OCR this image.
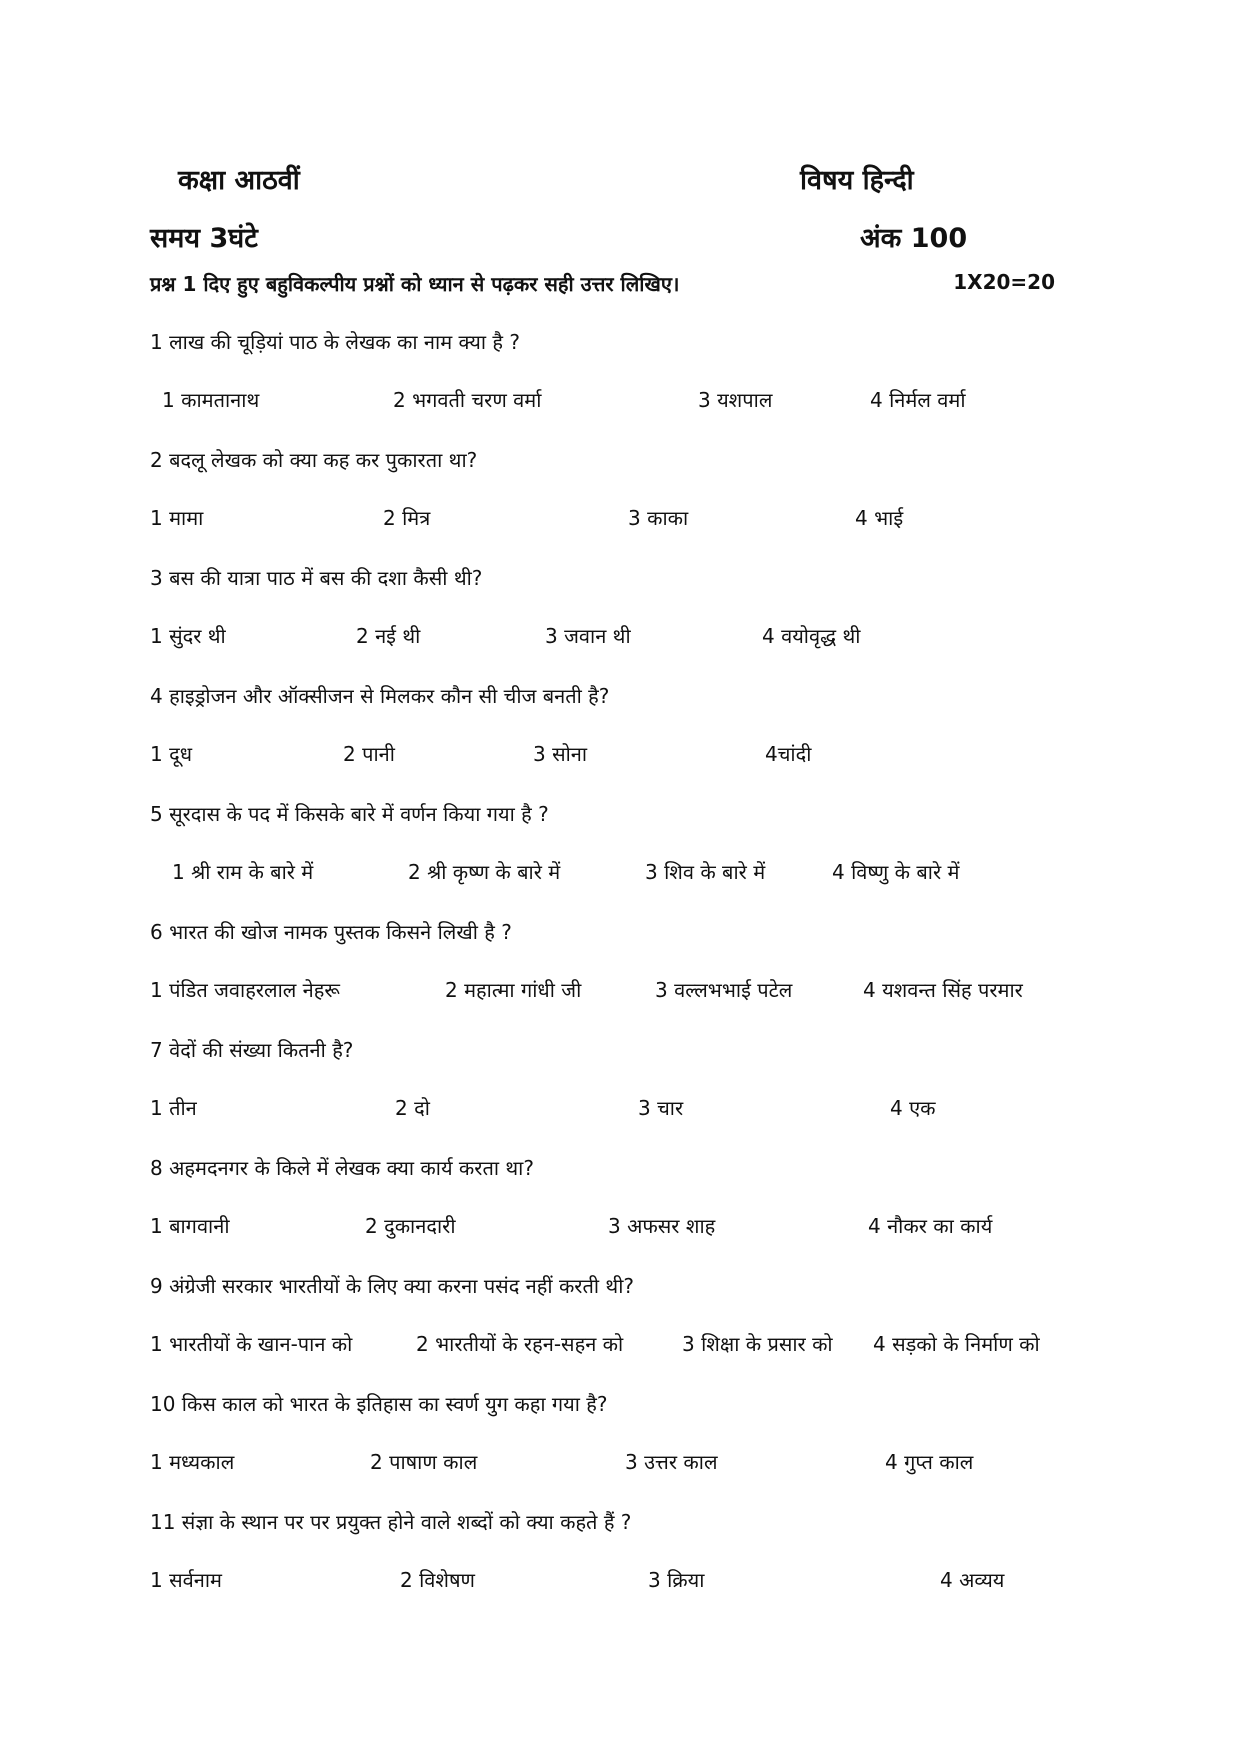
कक्षा आठवीं	विषय हिन्दी
समय 3घंटे	अंक 100
प्रश्न 1 दिए हुए बहुविकल्पीय प्रश्नों को ध्यान से पढ़कर सही उत्तर लिखिए।	1X20=20
1 लाख की चूड़ियां पाठ के लेखक का नाम क्या है ?
1 कामतानाथ	2 भगवती चरण वर्मा	3 यशपाल	4 निर्मल वर्मा
2 बदलू लेखक को क्या कह कर पुकारता था?
1 मामा	2 मित्र	3 काका	4 भाई
3 बस की यात्रा पाठ में बस की दशा कैसी थी?
1 सुंदर थी	2 नई थी	3 जवान थी	4 वयोवृद्ध थी
4 हाइड्रोजन और ऑक्सीजन से मिलकर कौन सी चीज बनती है?
1 दूध	2 पानी	3 सोना	4चांदी
5 सूरदास के पद में किसके बारे में वर्णन किया गया है ?
1 श्री राम के बारे में	2 श्री कृष्ण के बारे में	3 शिव के बारे में	4 विष्णु के बारे में
6 भारत की खोज नामक पुस्तक किसने लिखी है ?
1 पंडित जवाहरलाल नेहरू	2 महात्मा गांधी जी	3 वल्लभभाई पटेल	4 यशवन्त सिंह परमार
7 वेदों की संख्या कितनी है?
1 तीन	2 दो	3 चार	4 एक
8 अहमदनगर के किले में लेखक क्या कार्य करता था?
1 बागवानी	2 दुकानदारी	3 अफसर शाह	4 नौकर का कार्य
9 अंग्रेजी सरकार भारतीयों के लिए क्या करना पसंद नहीं करती थी?
1 भारतीयों के खान-पान को	2 भारतीयों के रहन-सहन को	3 शिक्षा के प्रसार को 4 सड़को के निर्माण को
10 किस काल को भारत के इतिहास का स्वर्ण युग कहा गया है?
1 मध्यकाल	2 पाषाण काल	3 उत्तर काल	4 गुप्त काल
11 संज्ञा के स्थान पर पर प्रयुक्त होने वाले शब्दों को क्या कहते हैं ?
1 सर्वनाम	2 विशेषण	3 क्रिया	4 अव्यय
